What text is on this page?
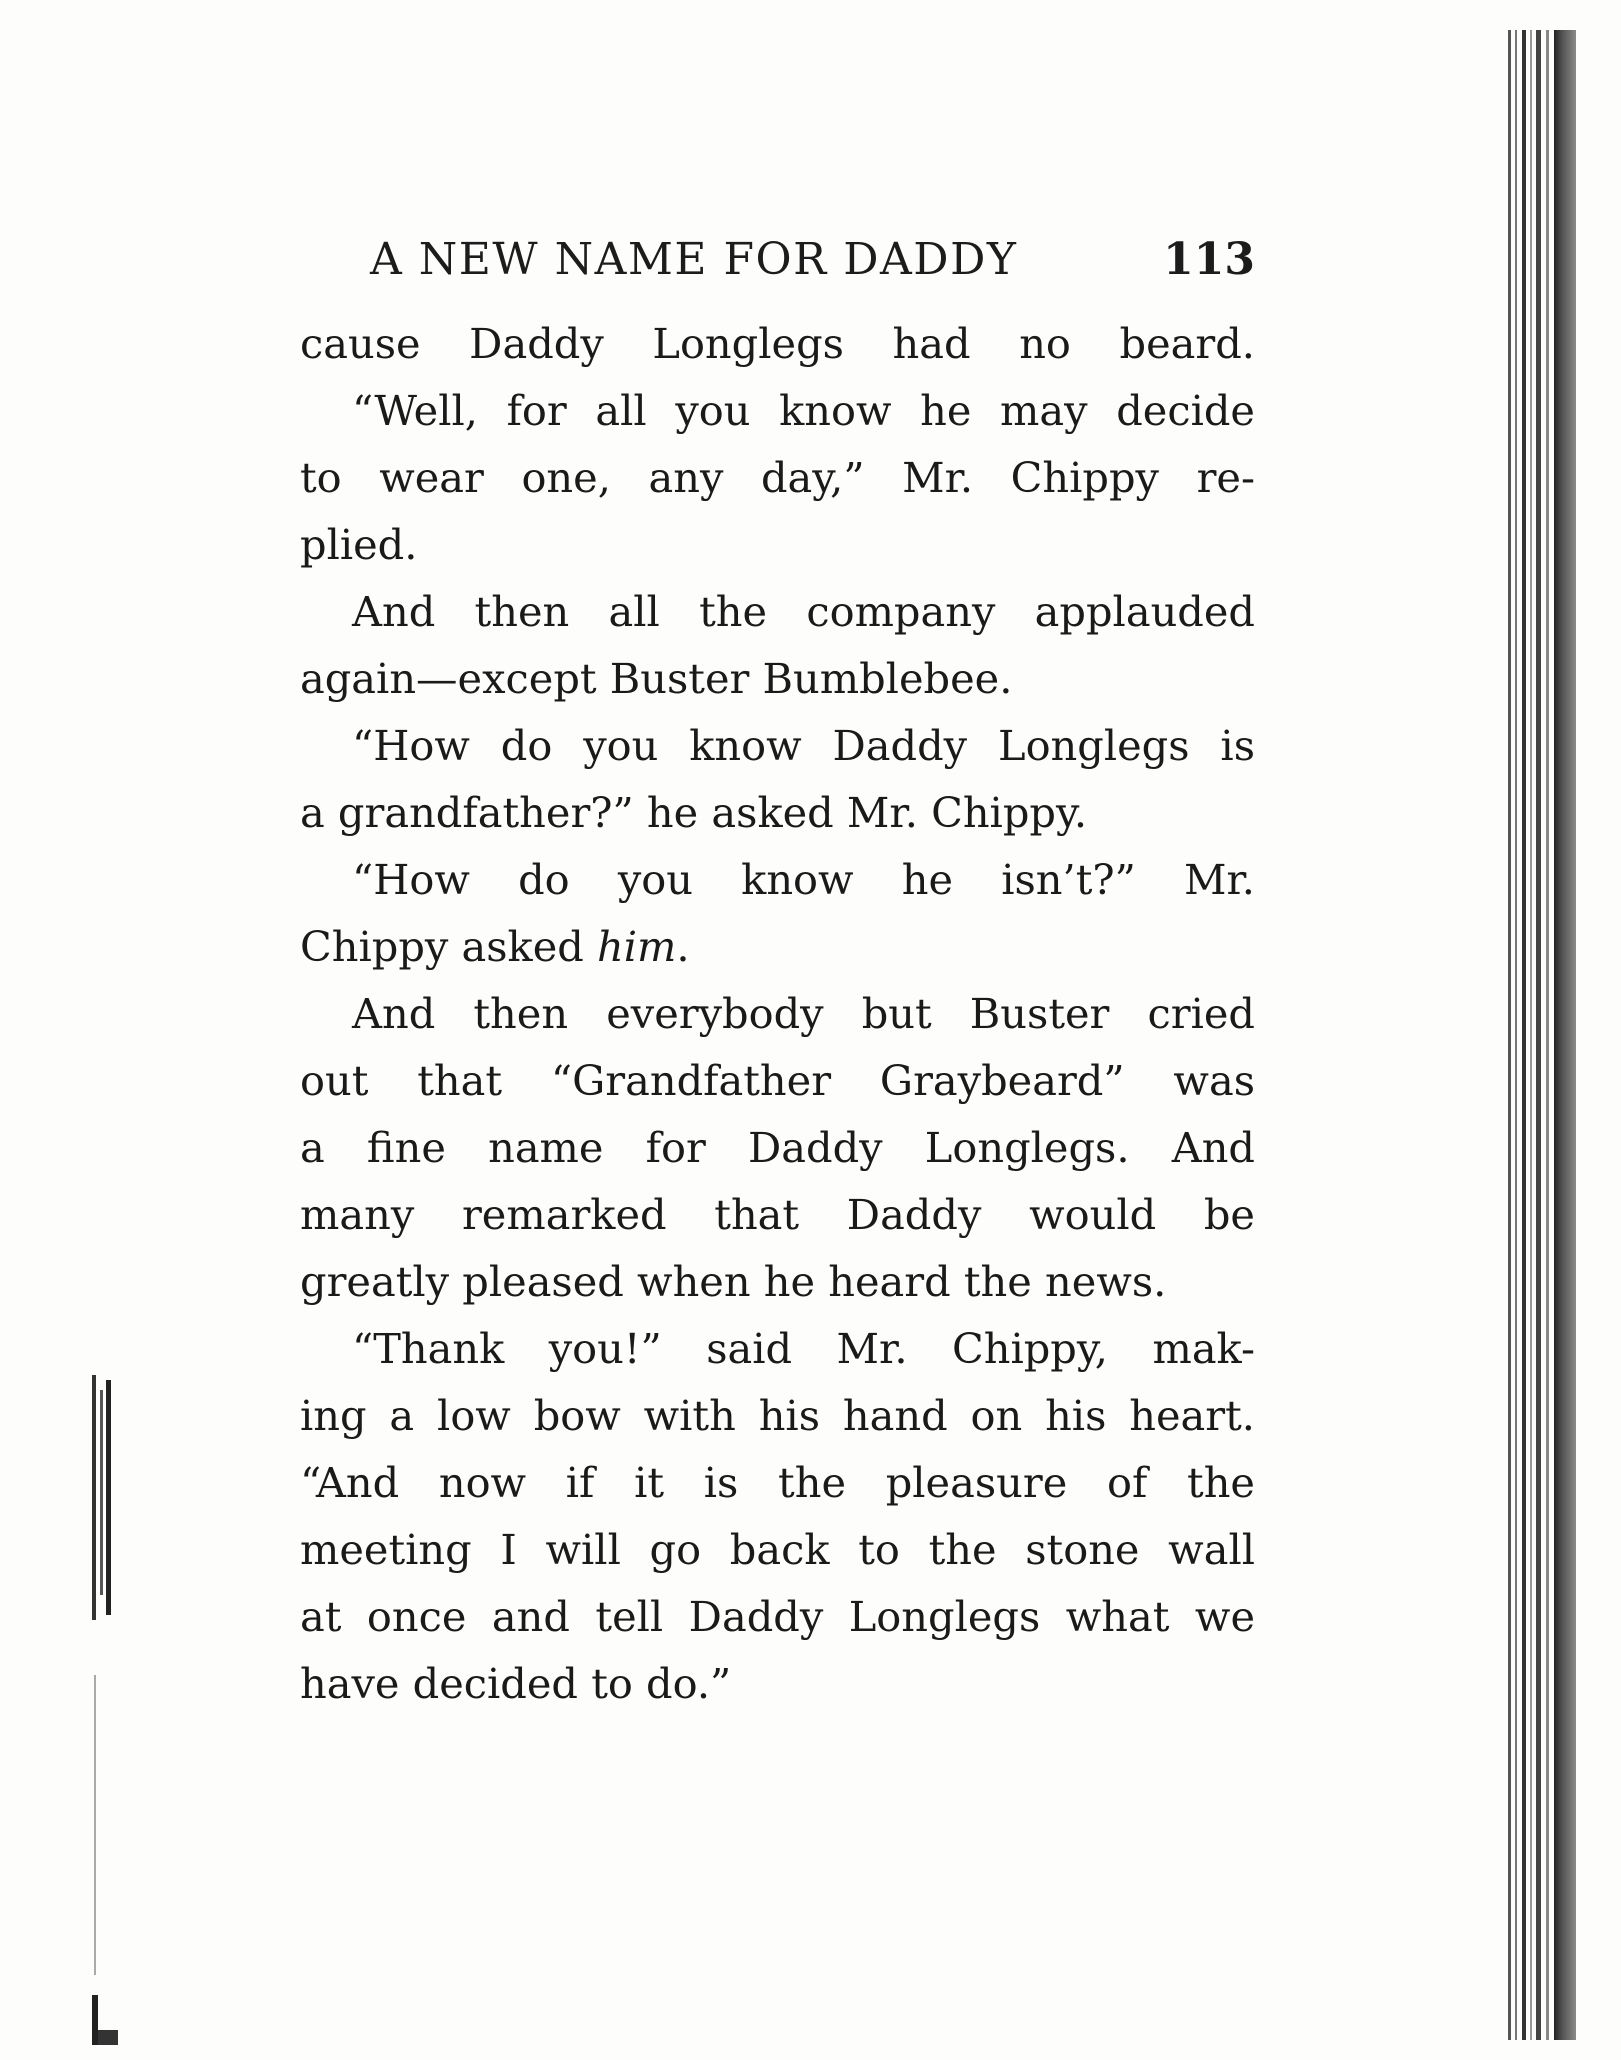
A NEW NAME FOR DADDY	113
cause Daddy Longlegs had no beard.
“Well, for all you know he may decide
to wear one, any day,” Mr. Chippy re-
plied.
And then all the company applauded
again—except Buster Bumblebee.
“How do you know Daddy Longlegs is
a grandfather?” he asked Mr. Chippy.
“How do you know he isn’t?” Mr.
Chippy asked him.
And then everybody but Buster cried
out that “Grandfather Graybeard” was
a fine name for Daddy Longlegs. And
many remarked that Daddy would be
greatly pleased when he heard the news.
“Thank you!” said Mr. Chippy, mak-
ing a low bow with his hand on his heart.
“And now if it is the pleasure of the
meeting I will go back to the stone wall
at once and tell Daddy Longlegs what we
have decided to do.”
